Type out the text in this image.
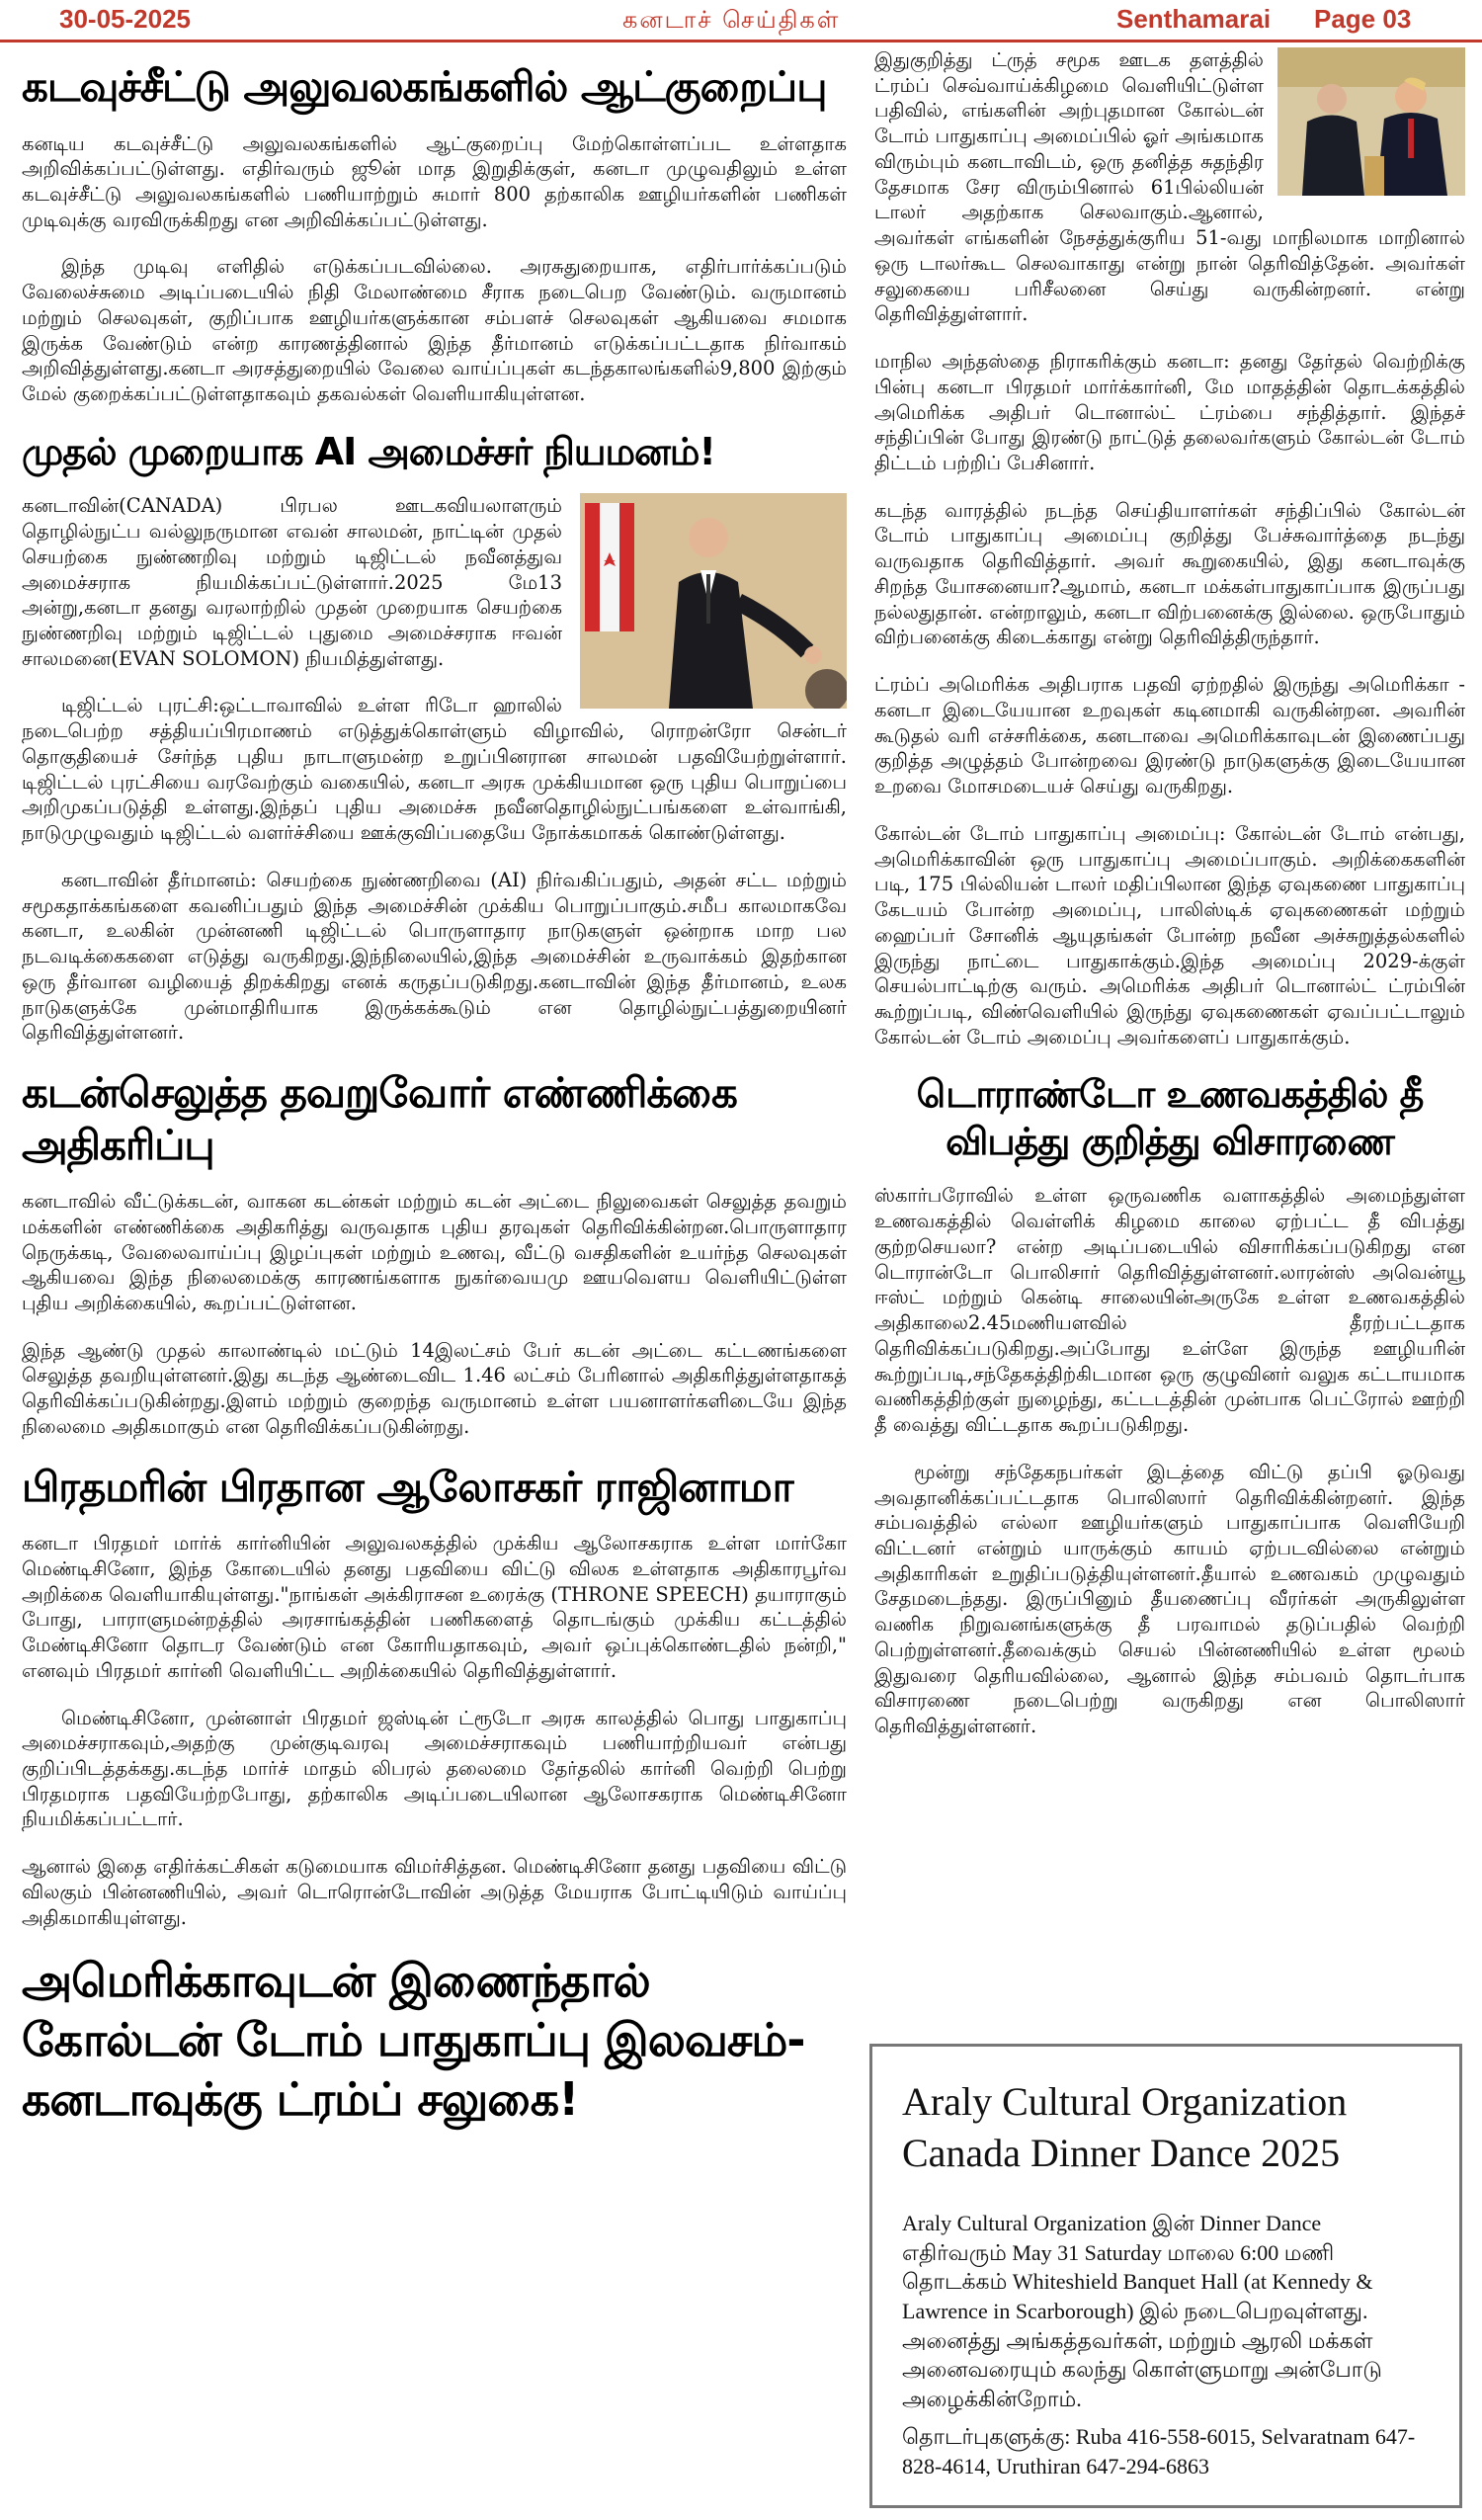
30-05-2025	கனடாச் செய்திகள்	Senthamarai Page 03
கடவுச்சீட்டு அலுவலகங்களில் ஆட்குறைப்பு

கனடிய கடவுச்சீட்டு அலுவலகங்களில் ஆட்குறைப்பு மேற்கொள்ளப்பட உள்ளதாக அறிவிக்கப்பட்டுள்ளது. எதிர்வரும் ஜூன் மாத இறுதிக்குள், கனடா முழுவதிலும் உள்ள கடவுச்சீட்டு அலுவலகங்களில் பணியாற்றும் சுமார் 800 தற்காலிக ஊழியர்களின் பணிகள் முடிவுக்கு வரவிருக்கிறது என அறிவிக்கப்பட்டுள்ளது.

இந்த முடிவு எளிதில் எடுக்கப்படவில்லை. அரசுதுறையாக, எதிர்பார்க்கப்படும் வேலைச்சுமை அடிப்படையில் நிதி மேலாண்மை சீராக நடைபெற வேண்டும். வருமானம் மற்றும் செலவுகள், குறிப்பாக ஊழியர்களுக்கான சம்பளச் செலவுகள் ஆகியவை சமமாக இருக்க வேண்டும் என்ற காரணத்தினால் இந்த தீர்மானம் எடுக்கப்பட்டதாக நிர்வாகம் அறிவித்துள்ளது.கனடா அரசத்துறையில் வேலை வாய்ப்புகள் கடந்தகாலங்களில்9,800 இற்கும் மேல் குறைக்கப்பட்டுள்ளதாகவும் தகவல்கள் வெளியாகியுள்ளன.

முதல் முறையாக AI அமைச்சர் நியமனம்!

கனடாவின்(CANADA) பிரபல ஊடகவியலாளரும் தொழில்நுட்ப வல்லுநருமான எவன் சாலமன், நாட்டின் முதல் செயற்கை நுண்ணறிவு மற்றும் டிஜிட்டல் நவீனத்துவ அமைச்சராக நியமிக்கப்பட்டுள்ளார்.2025 மே13 அன்று,கனடா தனது வரலாற்றில் முதன் முறையாக செயற்கை நுண்ணறிவு மற்றும் டிஜிட்டல் புதுமை அமைச்சராக ஈவன் சாலமனை(EVAN SOLOMON) நியமித்துள்ளது.

டிஜிட்டல் புரட்சி:ஒட்டாவாவில் உள்ள ரிடோ ஹாலில் நடைபெற்ற சத்தியப்பிரமாணம் எடுத்துக்கொள்ளும் விழாவில், ரொறன்ரோ சென்டர் தொகுதியைச் சேர்ந்த புதிய நாடாளுமன்ற உறுப்பினரான சாலமன் பதவியேற்றுள்ளார். டிஜிட்டல் புரட்சியை வரவேற்கும் வகையில், கனடா அரசு முக்கியமான ஒரு புதிய பொறுப்பை அறிமுகப்படுத்தி உள்ளது.இந்தப் புதிய அமைச்சு நவீனதொழில்நுட்பங்களை உள்வாங்கி, நாடுமுழுவதும் டிஜிட்டல் வளர்ச்சியை ஊக்குவிப்பதையே நோக்கமாகக் கொண்டுள்ளது.

கனடாவின் தீர்மானம்: செயற்கை நுண்ணறிவை (AI) நிர்வகிப்பதும், அதன் சட்ட மற்றும் சமூகதாக்கங்களை கவனிப்பதும் இந்த அமைச்சின் முக்கிய பொறுப்பாகும்.சமீப காலமாகவே கனடா, உலகின் முன்னணி டிஜிட்டல் பொருளாதார நாடுகளுள் ஒன்றாக மாற பல நடவடிக்கைகளை எடுத்து வருகிறது.இந்நிலையில்,இந்த அமைச்சின் உருவாக்கம் இதற்கான ஒரு தீர்வான வழியைத் திறக்கிறது எனக் கருதப்படுகிறது.கனடாவின் இந்த தீர்மானம், உலக நாடுகளுக்கே முன்மாதிரியாக இருக்கக்கூடும் என தொழில்நுட்பத்துறையினர் தெரிவித்துள்ளனர்.

கடன்செலுத்த தவறுவோர் எண்ணிக்கை அதிகரிப்பு

கனடாவில் வீட்டுக்கடன், வாகன கடன்கள் மற்றும் கடன் அட்டை நிலுவைகள் செலுத்த தவறும் மக்களின் எண்ணிக்கை அதிகரித்து வருவதாக புதிய தரவுகள் தெரிவிக்கின்றன.பொருளாதார நெருக்கடி, வேலைவாய்ப்பு இழப்புகள் மற்றும் உணவு, வீட்டு வசதிகளின் உயர்ந்த செலவுகள் ஆகியவை இந்த நிலைமைக்கு காரணங்களாக நுகர்வையமு ஊயவெளய வெளியிட்டுள்ள புதிய அறிக்கையில், கூறப்பட்டுள்ளன.

இந்த ஆண்டு முதல் காலாண்டில் மட்டும் 14இலட்சம் பேர் கடன் அட்டை கட்டணங்களை செலுத்த தவறியுள்ளனர்.இது கடந்த ஆண்டைவிட 1.46 லட்சம் பேரினால் அதிகரித்துள்ளதாகத் தெரிவிக்கப்படுகின்றது.இளம் மற்றும் குறைந்த வருமானம் உள்ள பயனாளர்களிடையே இந்த நிலைமை அதிகமாகும் என தெரிவிக்கப்படுகின்றது.

பிரதமரின் பிரதான ஆலோசகர் ராஜினாமா

கனடா பிரதமர் மார்க் கார்னியின் அலுவலகத்தில் முக்கிய ஆலோசகராக உள்ள மார்கோ மெண்டிசினோ, இந்த கோடையில் தனது பதவியை விட்டு விலக உள்ளதாக அதிகாரபூர்வ அறிக்கை வெளியாகியுள்ளது."நாங்கள் அக்கிராசன உரைக்கு (THRONE SPEECH) தயாராகும் போது, பாராளுமன்றத்தில் அரசாங்கத்தின் பணிகளைத் தொடங்கும் முக்கிய கட்டத்தில் மேண்டிசினோ தொடர வேண்டும் என கோரியதாகவும், அவர் ஒப்புக்கொண்டதில் நன்றி," எனவும் பிரதமர் கார்னி வெளியிட்ட அறிக்கையில் தெரிவித்துள்ளார்.

மெண்டிசினோ, முன்னாள் பிரதமர் ஜஸ்டின் ட்ரூடோ அரசு காலத்தில் பொது பாதுகாப்பு அமைச்சராகவும்,அதற்கு முன்குடிவரவு அமைச்சராகவும் பணியாற்றியவர் என்பது குறிப்பிடத்தக்கது.கடந்த மார்ச் மாதம் லிபரல் தலைமை தேர்தலில் கார்னி வெற்றி பெற்று பிரதமராக பதவியேற்றபோது, தற்காலிக அடிப்படையிலான ஆலோசகராக மெண்டிசினோ நியமிக்கப்பட்டார்.

ஆனால் இதை எதிர்க்கட்சிகள் கடுமையாக விமர்சித்தன. மெண்டிசினோ தனது பதவியை விட்டு விலகும் பின்னணியில், அவர் டொரொன்டோவின் அடுத்த மேயராக போட்டியிடும் வாய்ப்பு அதிகமாகியுள்ளது.

அமெரிக்காவுடன் இணைந்தால் கோல்டன் டோம் பாதுகாப்பு இலவசம்-கனடாவுக்கு ட்ரம்ப் சலுகை!

இதுகுறித்து ட்ருத் சமூக ஊடக தளத்தில் ட்ரம்ப் செவ்வாய்க்கிழமை வெளியிட்டுள்ள பதிவில், எங்களின் அற்புதமான கோல்டன் டோம் பாதுகாப்பு அமைப்பில் ஓர் அங்கமாக விரும்பும் கனடாவிடம், ஒரு தனித்த சுதந்திர தேசமாக சேர விரும்பினால் 61பில்லியன் டாலர் அதற்காக செலவாகும்.ஆனால், அவர்கள் எங்களின் நேசத்துக்குரிய 51-வது மாநிலமாக மாறினால் ஒரு டாலர்கூட செலவாகாது என்று நான் தெரிவித்தேன். அவர்கள் சலுகையை பரிசீலனை செய்து வருகின்றனர். என்று தெரிவித்துள்ளார்.

மாநில அந்தஸ்தை நிராகரிக்கும் கனடா: தனது தேர்தல் வெற்றிக்கு பின்பு கனடா பிரதமர் மார்க்கார்னி, மே மாதத்தின் தொடக்கத்தில் அமெரிக்க அதிபர் டொனால்ட் ட்ரம்பை சந்தித்தார். இந்தச் சந்திப்பின் போது இரண்டு நாட்டுத் தலைவர்களும் கோல்டன் டோம் திட்டம் பற்றிப் பேசினார்.

கடந்த வாரத்தில் நடந்த செய்தியாளர்கள் சந்திப்பில் கோல்டன் டோம் பாதுகாப்பு அமைப்பு குறித்து பேச்சுவார்த்தை நடந்து வருவதாக தெரிவித்தார். அவர் கூறுகையில், இது கனடாவுக்கு சிறந்த யோசனையா?ஆமாம், கனடா மக்கள்பாதுகாப்பாக இருப்பது நல்லதுதான். என்றாலும், கனடா விற்பனைக்கு இல்லை. ஒருபோதும் விற்பனைக்கு கிடைக்காது என்று தெரிவித்திருந்தார்.

ட்ரம்ப் அமெரிக்க அதிபராக பதவி ஏற்றதில் இருந்து அமெரிக்கா - கனடா இடையேயான உறவுகள் கடினமாகி வருகின்றன. அவரின் கூடுதல் வரி எச்சரிக்கை, கனடாவை அமெரிக்காவுடன் இணைப்பது குறித்த அழுத்தம் போன்றவை இரண்டு நாடுகளுக்கு இடையேயான உறவை மோசமடையச் செய்து வருகிறது.

கோல்டன் டோம் பாதுகாப்பு அமைப்பு: கோல்டன் டோம் என்பது, அமெரிக்காவின் ஒரு பாதுகாப்பு அமைப்பாகும். அறிக்கைகளின் படி, 175 பில்லியன் டாலர் மதிப்பிலான இந்த ஏவுகணை பாதுகாப்பு கேடயம் போன்ற அமைப்பு, பாலிஸ்டிக் ஏவுகணைகள் மற்றும் ஹைப்பர் சோனிக் ஆயுதங்கள் போன்ற நவீன அச்சுறுத்தல்களில் இருந்து நாட்டை பாதுகாக்கும்.இந்த அமைப்பு 2029-க்குள் செயல்பாட்டிற்கு வரும். அமெரிக்க அதிபர் டொனால்ட் ட்ரம்பின் கூற்றுப்படி, விண்வெளியில் இருந்து ஏவுகணைகள் ஏவப்பட்டாலும் கோல்டன் டோம் அமைப்பு அவர்களைப் பாதுகாக்கும்.

டொராண்டோ உணவகத்தில் தீ விபத்து குறித்து விசாரணை

ஸ்கார்பரோவில் உள்ள ஒருவணிக வளாகத்தில் அமைந்துள்ள உணவகத்தில் வெள்ளிக் கிழமை காலை ஏற்பட்ட தீ விபத்து குற்றசெயலா? என்ற அடிப்படையில் விசாரிக்கப்படுகிறது என டொரான்டோ பொலிசார் தெரிவித்துள்ளனர்.லாரன்ஸ் அவென்யூ ஈஸ்ட் மற்றும் கென்டி சாலையின்அருகே உள்ள உணவகத்தில் அதிகாலை2.45மணியளவில் தீரற்பட்டதாக தெரிவிக்கப்படுகிறது.அப்போது உள்ளே இருந்த ஊழியரின் கூற்றுப்படி,சந்தேகத்திற்கிடமான ஒரு குழுவினர் வலுக கட்டாயமாக வணிகத்திற்குள் நுழைந்து, கட்டடத்தின் முன்பாக பெட்ரோல் ஊற்றி தீ வைத்து விட்டதாக கூறப்படுகிறது.

மூன்று சந்தேகநபர்கள் இடத்தை விட்டு தப்பி ஓடுவது அவதானிக்கப்பட்டதாக பொலிஸார் தெரிவிக்கின்றனர். இந்த சம்பவத்தில் எல்லா ஊழியர்களும் பாதுகாப்பாக வெளியேறி விட்டனர் என்றும் யாருக்கும் காயம் ஏற்படவில்லை என்றும் அதிகாரிகள் உறுதிப்படுத்தியுள்ளனர்.தீயால் உணவகம் முழுவதும் சேதமடைந்தது. இருப்பினும் தீயணைப்பு வீரர்கள் அருகிலுள்ள வணிக நிறுவனங்களுக்கு தீ பரவாமல் தடுப்பதில் வெற்றி பெற்றுள்ளனர்.தீவைக்கும் செயல் பின்னணியில் உள்ள மூலம் இதுவரை தெரியவில்லை, ஆனால் இந்த சம்பவம் தொடர்பாக விசாரணை நடைபெற்று வருகிறது என பொலிஸார் தெரிவித்துள்ளனர்.

Araly Cultural Organization Canada Dinner Dance 2025

Araly Cultural Organization இன் Dinner Dance எதிர்வரும் May 31 Saturday மாலை 6:00 மணி தொடக்கம் Whiteshield Banquet Hall (at Kennedy & Lawrence in Scarborough) இல் நடைபெறவுள்ளது. அனைத்து அங்கத்தவர்கள், மற்றும் ஆரலி மக்கள் அனைவரையும் கலந்து கொள்ளுமாறு அன்போடு அழைக்கின்றோம்.

தொடர்புகளுக்கு: Ruba 416-558-6015, Selvaratnam 647-828-4614, Uruthiran 647-294-6863
